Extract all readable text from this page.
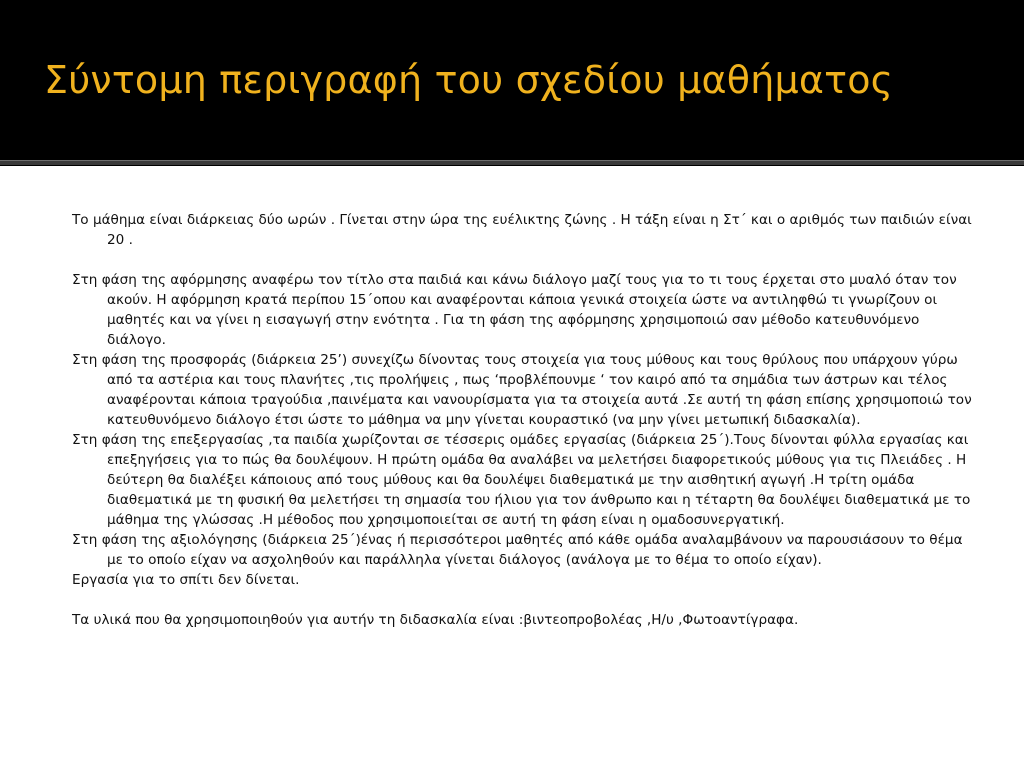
Σύντομη περιγραφή του σχεδίου μαθήματος

Το μάθημα είναι διάρκειας δύο ωρών . Γίνεται στην ώρα της ευέλικτης ζώνης . Η τάξη είναι η Στ΄ και ο αριθμός των παιδιών είναι 20 .

Στη φάση της αφόρμησης αναφέρω τον τίτλο στα παιδιά και κάνω διάλογο μαζί τους για το τι τους έρχεται στο μυαλό όταν τον ακούν. Η αφόρμηση κρατά περίπου 15΄οπου και αναφέρονται κάποια γενικά στοιχεία ώστε να αντιληφθώ τι γνωρίζουν οι μαθητές και να γίνει η εισαγωγή στην ενότητα . Για τη φάση της αφόρμησης χρησιμοποιώ σαν μέθοδο κατευθυνόμενο διάλογο.

Στη φάση της προσφοράς (διάρκεια 25’) συνεχίζω δίνοντας τους στοιχεία για τους μύθους και τους θρύλους που υπάρχουν γύρω από τα αστέρια και τους πλανήτες ,τις προλήψεις , πως ‘προβλέπουνμε ‘ τον καιρό από τα σημάδια των άστρων και τέλος αναφέρονται κάποια τραγούδια ,παινέματα και νανουρίσματα για τα στοιχεία αυτά .Σε αυτή τη φάση επίσης χρησιμοποιώ τον κατευθυνόμενο διάλογο έτσι ώστε το μάθημα να μην γίνεται κουραστικό (να μην γίνει μετωπική διδασκαλία).

Στη φάση της επεξεργασίας ,τα παιδία χωρίζονται σε τέσσερις ομάδες εργασίας (διάρκεια 25΄).Τους δίνονται φύλλα εργασίας και επεξηγήσεις για το πώς θα δουλέψουν. Η πρώτη ομάδα θα αναλάβει να μελετήσει διαφορετικούς μύθους για τις Πλειάδες . Η δεύτερη θα διαλέξει κάποιους από τους μύθους και θα δουλέψει διαθεματικά με την αισθητική αγωγή .Η τρίτη ομάδα διαθεματικά με τη φυσική θα μελετήσει τη σημασία του ήλιου για τον άνθρωπο και η τέταρτη θα δουλέψει διαθεματικά με το μάθημα της γλώσσας .Η μέθοδος που χρησιμοποιείται σε αυτή τη φάση είναι η ομαδοσυνεργατική.

Στη φάση της αξιολόγησης (διάρκεια 25΄)ένας ή περισσότεροι μαθητές από κάθε ομάδα αναλαμβάνουν να παρουσιάσουν το θέμα με το οποίο είχαν να ασχοληθούν και παράλληλα γίνεται διάλογος (ανάλογα με το θέμα το οποίο είχαν).

Εργασία για το σπίτι δεν δίνεται.

Τα υλικά που θα χρησιμοποιηθούν για αυτήν τη διδασκαλία είναι :βιντεοπροβολέας ,Η/υ ,Φωτοαντίγραφα.
